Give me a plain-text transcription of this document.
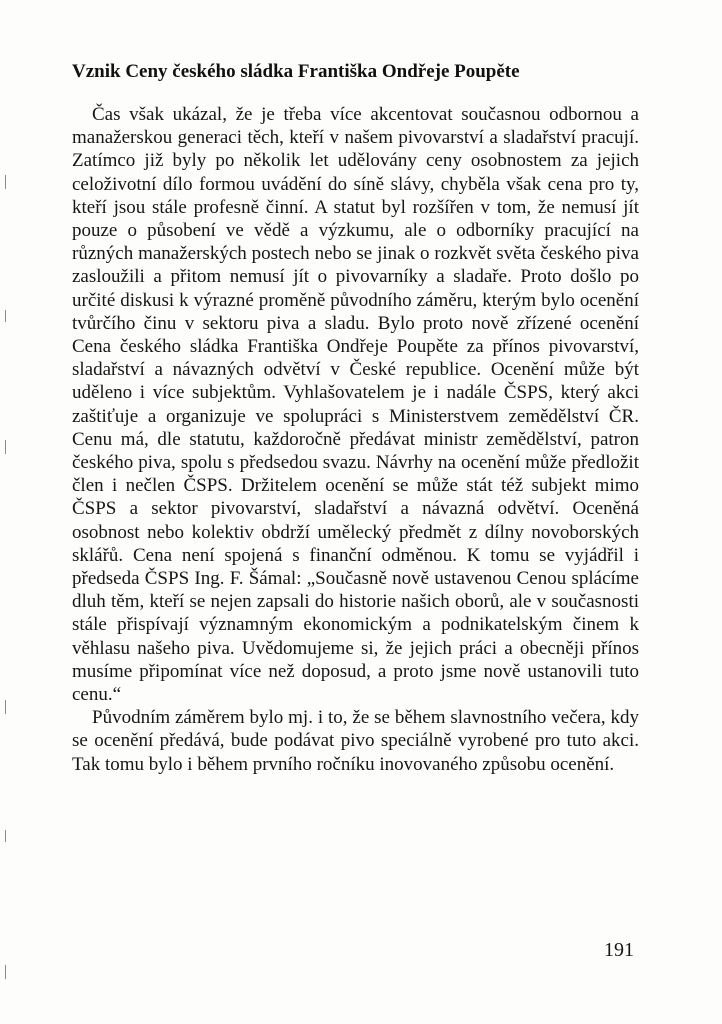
Vznik Ceny českého sládka Františka Ondřeje Poupěte

Čas však ukázal, že je třeba více akcentovat současnou odbornou a manažerskou generaci těch, kteří v našem pivovarství a sladařství pracují. Zatímco již byly po několik let udělovány ceny osobnostem za jejich celoživotní dílo formou uvádění do síně slávy, chyběla však cena pro ty, kteří jsou stále profesně činní. A statut byl rozšířen v tom, že nemusí jít pouze o působení ve vědě a výzkumu, ale o odborníky pracující na různých manažerských postech nebo se jinak o rozkvět světa českého piva zasloužili a přitom nemusí jít o pivovarníky a sladaře. Proto došlo po určité diskusi k výrazné proměně původního záměru, kterým bylo ocenění tvůrčího činu v sektoru piva a sladu. Bylo proto nově zřízené ocenění Cena českého sládka Františka Ondřeje Poupěte za přínos pivovarství, sladařství a návazných odvětví v České republice. Ocenění může být uděleno i více subjektům. Vyhlašovatelem je i nadále ČSPS, který akci zaštiťuje a organizuje ve spolupráci s Ministerstvem zemědělství ČR. Cenu má, dle statutu, každoročně předávat ministr zemědělství, patron českého piva, spolu s předsedou svazu. Návrhy na ocenění může předložit člen i nečlen ČSPS. Držitelem ocenění se může stát též subjekt mimo ČSPS a sektor pivovarství, sladařství a návazná odvětví. Oceněná osobnost nebo kolektiv obdrží umělecký předmět z dílny novoborských sklářů. Cena není spojená s finanční odměnou. K tomu se vyjádřil i předseda ČSPS Ing. F. Šámal: „Současně nově ustavenou Cenou splácíme dluh těm, kteří se nejen zapsali do historie našich oborů, ale v současnosti stále přispívají významným ekonomickým a podnikatelským činem k věhlasu našeho piva. Uvědomujeme si, že jejich práci a obecněji přínos musíme připomínat více než doposud, a proto jsme nově ustanovili tuto cenu.“

Původním záměrem bylo mj. i to, že se během slavnostního večera, kdy se ocenění předává, bude podávat pivo speciálně vyrobené pro tuto akci. Tak tomu bylo i během prvního ročníku inovovaného způsobu ocenění.

191
